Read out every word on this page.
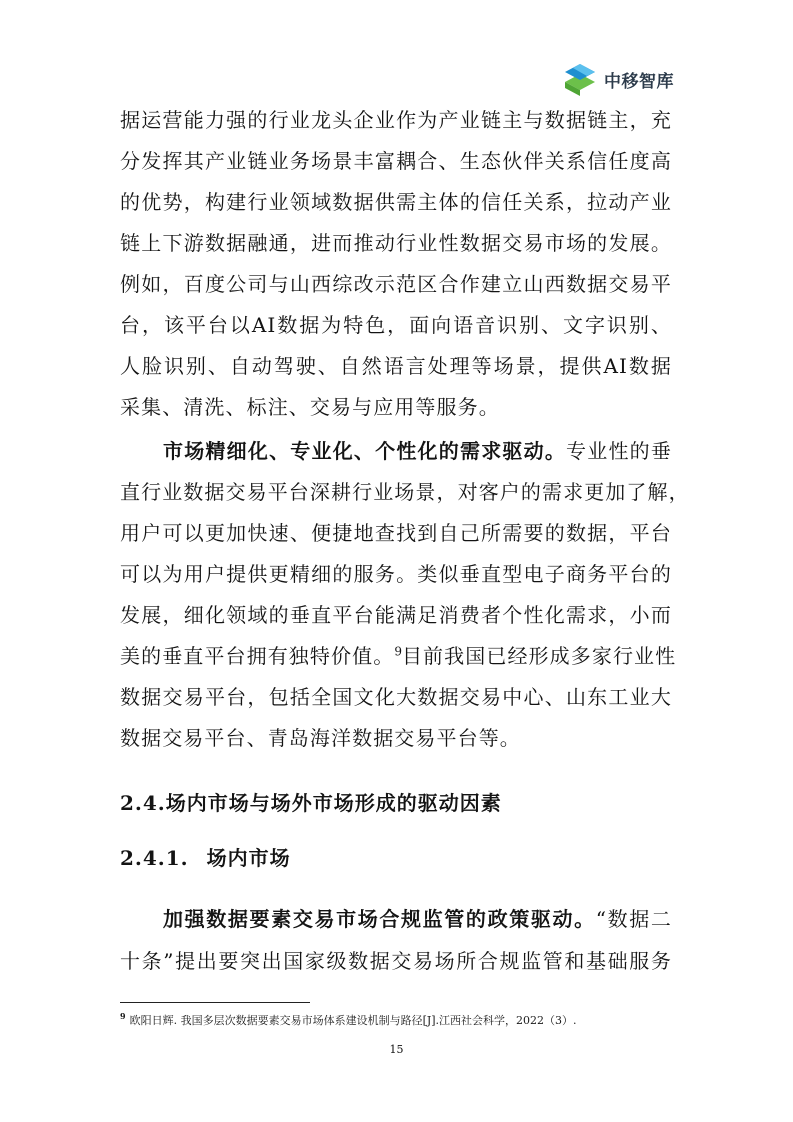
中移智库
据运营能力强的行业龙头企业作为产业链主与数据链主，充
分发挥其产业链业务场景丰富耦合、生态伙伴关系信任度高
的优势，构建行业领域数据供需主体的信任关系，拉动产业
链上下游数据融通，进而推动行业性数据交易市场的发展。
例如，百度公司与山西综改示范区合作建立山西数据交易平
台，该平台以AI数据为特色，面向语音识别、文字识别、
人脸识别、自动驾驶、自然语言处理等场景，提供AI数据
采集、清洗、标注、交易与应用等服务。
市场精细化、专业化、个性化的需求驱动。专业性的垂
直行业数据交易平台深耕行业场景，对客户的需求更加了解，
用户可以更加快速、便捷地查找到自己所需要的数据，平台
可以为用户提供更精细的服务。类似垂直型电子商务平台的
发展，细化领域的垂直平台能满足消费者个性化需求，小而
美的垂直平台拥有独特价值。$^9$目前我国已经形成多家行业性
数据交易平台，包括全国文化大数据交易中心、山东工业大
数据交易平台、青岛海洋数据交易平台等。
2.4.场内市场与场外市场形成的驱动因素
2.4.1. 场内市场
加强数据要素交易市场合规监管的政策驱动。“数据二
十条”提出要突出国家级数据交易场所合规监管和基础服务
$^9$ 欧阳日辉. 我国多层次数据要素交易市场体系建设机制与路径[J].江西社会科学，2022（3）.
15
